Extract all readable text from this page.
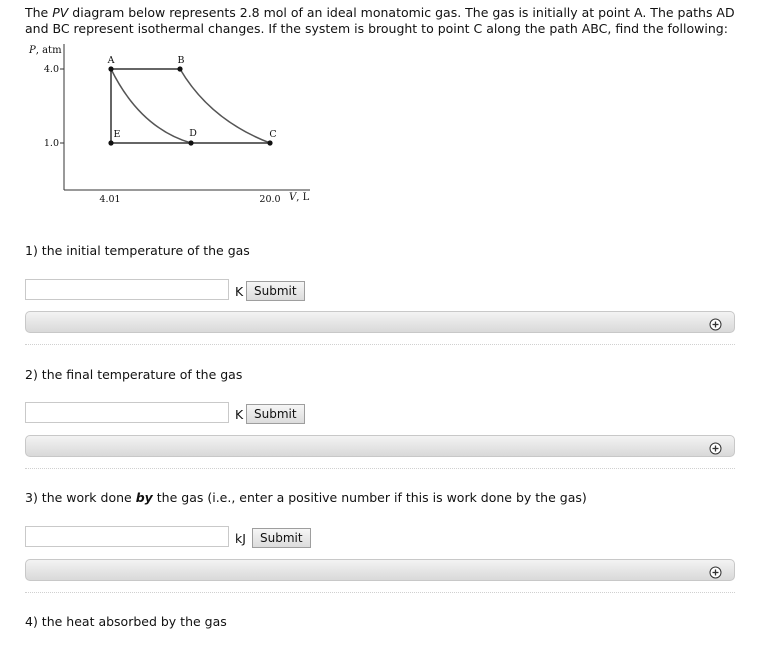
The PV diagram below represents 2.8 mol of an ideal monatomic gas. The gas is initially at point A. The paths AD and BC represent isothermal changes. If the system is brought to point C along the path ABC, find the following:
P, atm
V, L
4.0
1.0
4.01	20.0
A	B
E	D	C
1) the initial temperature of the gas
K Submit
2) the final temperature of the gas
K Submit
3) the work done by the gas (i.e., enter a positive number if this is work done by the gas)
kJ	Submit
4) the heat absorbed by the gas
